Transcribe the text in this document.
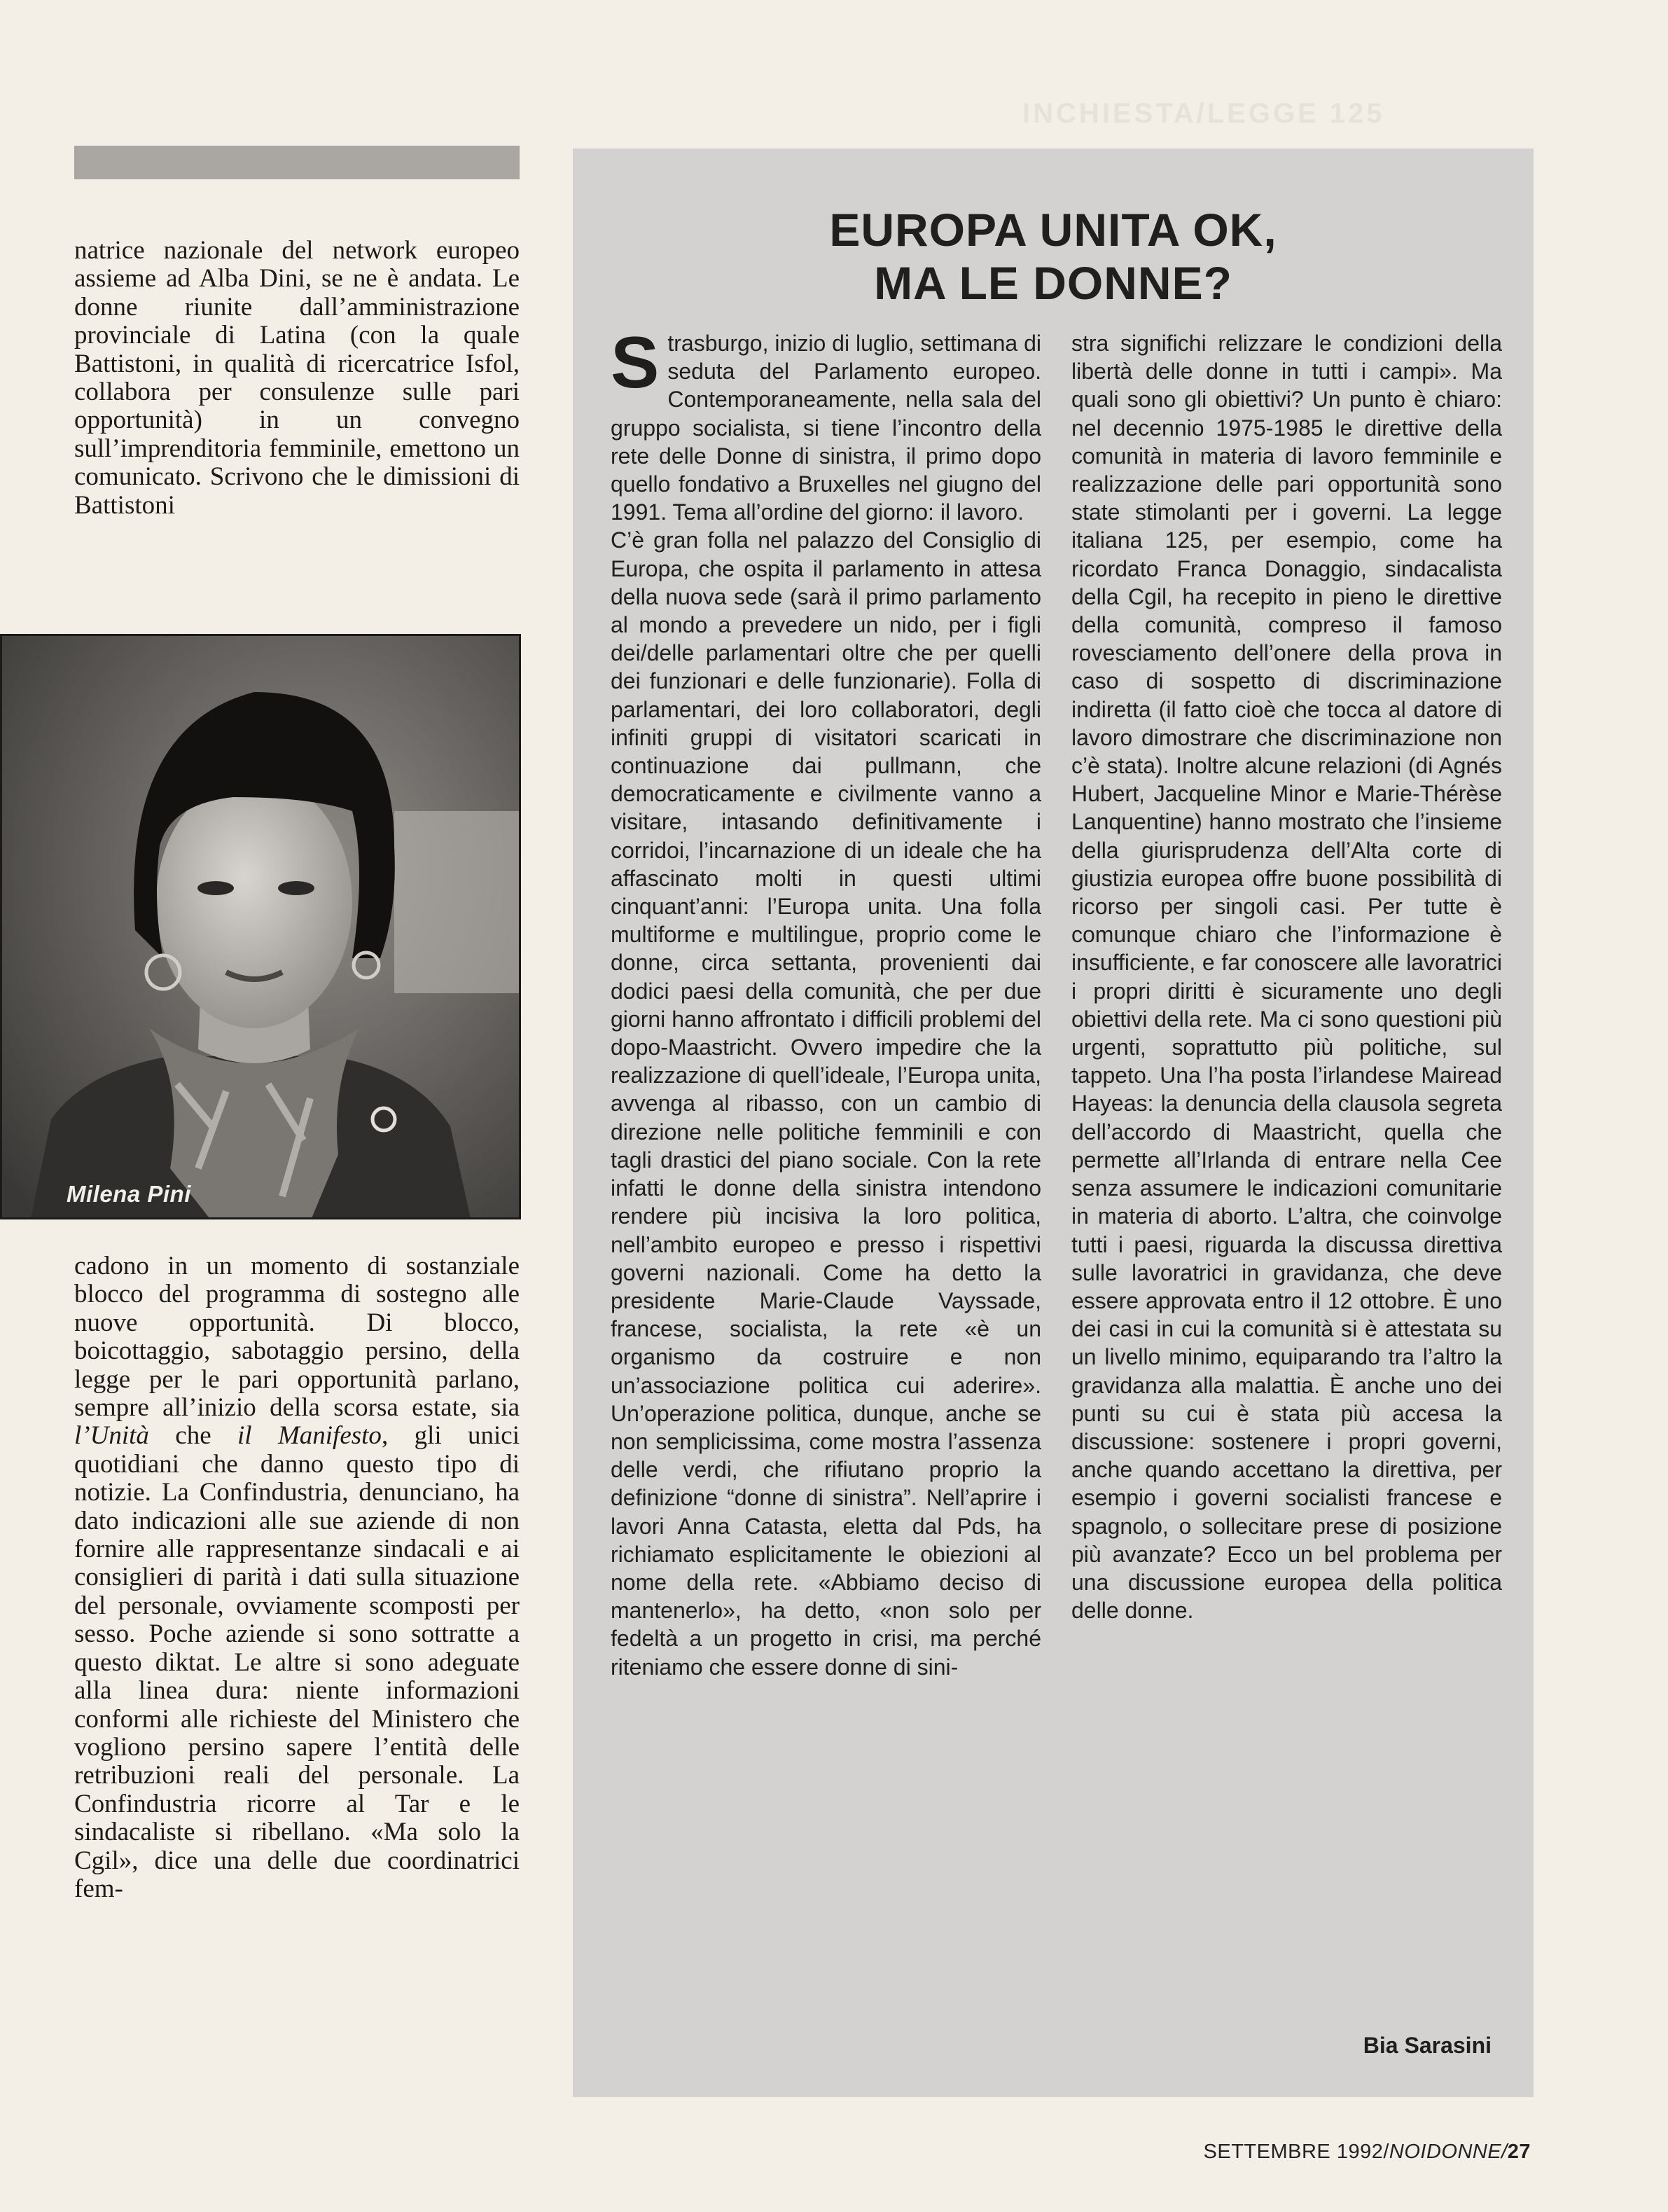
INCHIESTA/LEGGE 125

natrice nazionale del network europeo assieme ad Alba Dini, se ne è andata. Le donne riunite dall’amministrazione provinciale di Latina (con la quale Battistoni, in qualità di ricercatrice Isfol, collabora per consulenze sulle pari opportunità) in un convegno sull’imprenditoria femminile, emettono un comunicato. Scrivono che le dimissioni di Battistoni

Milena Pini

cadono in un momento di sostanziale blocco del programma di sostegno alle nuove opportunità. Di blocco, boicottaggio, sabotaggio persino, della legge per le pari opportunità parlano, sempre all’inizio della scorsa estate, sia l’Unità che il Manifesto, gli unici quotidiani che danno questo tipo di notizie. La Confindustria, denunciano, ha dato indicazioni alle sue aziende di non fornire alle rappresentanze sindacali e ai consiglieri di parità i dati sulla situazione del personale, ovviamente scomposti per sesso. Poche aziende si sono sottratte a questo diktat. Le altre si sono adeguate alla linea dura: niente informazioni conformi alle richieste del Ministero che vogliono persino sapere l’entità delle retribuzioni reali del personale. La Confindustria ricorre al Tar e le sindacaliste si ribellano. «Ma solo la Cgil», dice una delle due coordinatrici fem-

EUROPA UNITA OK,
MA LE DONNE?

Strasburgo, inizio di luglio, settimana di seduta del Parlamento europeo. Contemporaneamente, nella sala del gruppo socialista, si tiene l’incontro della rete delle Donne di sinistra, il primo dopo quello fondativo a Bruxelles nel giugno del 1991. Tema all’ordine del giorno: il lavoro.

C’è gran folla nel palazzo del Consiglio di Europa, che ospita il parlamento in attesa della nuova sede (sarà il primo parlamento al mondo a prevedere un nido, per i figli dei/delle parlamentari oltre che per quelli dei funzionari e delle funzionarie). Folla di parlamentari, dei loro collaboratori, degli infiniti gruppi di visitatori scaricati in continuazione dai pullmann, che democraticamente e civilmente vanno a visitare, intasando definitivamente i corridoi, l’incarnazione di un ideale che ha affascinato molti in questi ultimi cinquant’anni: l’Europa unita. Una folla multiforme e multilingue, proprio come le donne, circa settanta, provenienti dai dodici paesi della comunità, che per due giorni hanno affrontato i difficili problemi del dopo-Maastricht. Ovvero impedire che la realizzazione di quell’ideale, l’Europa unita, avvenga al ribasso, con un cambio di direzione nelle politiche femminili e con tagli drastici del piano sociale. Con la rete infatti le donne della sinistra intendono rendere più incisiva la loro politica, nell’ambito europeo e presso i rispettivi governi nazionali. Come ha detto la presidente Marie-Claude Vayssade, francese, socialista, la rete «è un organismo da costruire e non un’associazione politica cui aderire». Un’operazione politica, dunque, anche se non semplicissima, come mostra l’assenza delle verdi, che rifiutano proprio la definizione “donne di sinistra”. Nell’aprire i lavori Anna Catasta, eletta dal Pds, ha richiamato esplicitamente le obiezioni al nome della rete. «Abbiamo deciso di mantenerlo», ha detto, «non solo per fedeltà a un progetto in crisi, ma perché riteniamo che essere donne di sini-

stra significhi relizzare le condizioni della libertà delle donne in tutti i campi». Ma quali sono gli obiettivi? Un punto è chiaro: nel decennio 1975-1985 le direttive della comunità in materia di lavoro femminile e realizzazione delle pari opportunità sono state stimolanti per i governi. La legge italiana 125, per esempio, come ha ricordato Franca Donaggio, sindacalista della Cgil, ha recepito in pieno le direttive della comunità, compreso il famoso rovesciamento dell’onere della prova in caso di sospetto di discriminazione indiretta (il fatto cioè che tocca al datore di lavoro dimostrare che discriminazione non c’è stata). Inoltre alcune relazioni (di Agnés Hubert, Jacqueline Minor e Marie-Thérèse Lanquentine) hanno mostrato che l’insieme della giurisprudenza dell’Alta corte di giustizia europea offre buone possibilità di ricorso per singoli casi. Per tutte è comunque chiaro che l’informazione è insufficiente, e far conoscere alle lavoratrici i propri diritti è sicuramente uno degli obiettivi della rete. Ma ci sono questioni più urgenti, soprattutto più politiche, sul tappeto. Una l’ha posta l’irlandese Mairead Hayeas: la denuncia della clausola segreta dell’accordo di Maastricht, quella che permette all’Irlanda di entrare nella Cee senza assumere le indicazioni comunitarie in materia di aborto. L’altra, che coinvolge tutti i paesi, riguarda la discussa direttiva sulle lavoratrici in gravidanza, che deve essere approvata entro il 12 ottobre. È uno dei casi in cui la comunità si è attestata su un livello minimo, equiparando tra l’altro la gravidanza alla malattia. È anche uno dei punti su cui è stata più accesa la discussione: sostenere i propri governi, anche quando accettano la direttiva, per esempio i governi socialisti francese e spagnolo, o sollecitare prese di posizione più avanzate? Ecco un bel problema per una discussione europea della politica delle donne.

Bia Sarasini
SETTEMBRE 1992/NOIDONNE/27
